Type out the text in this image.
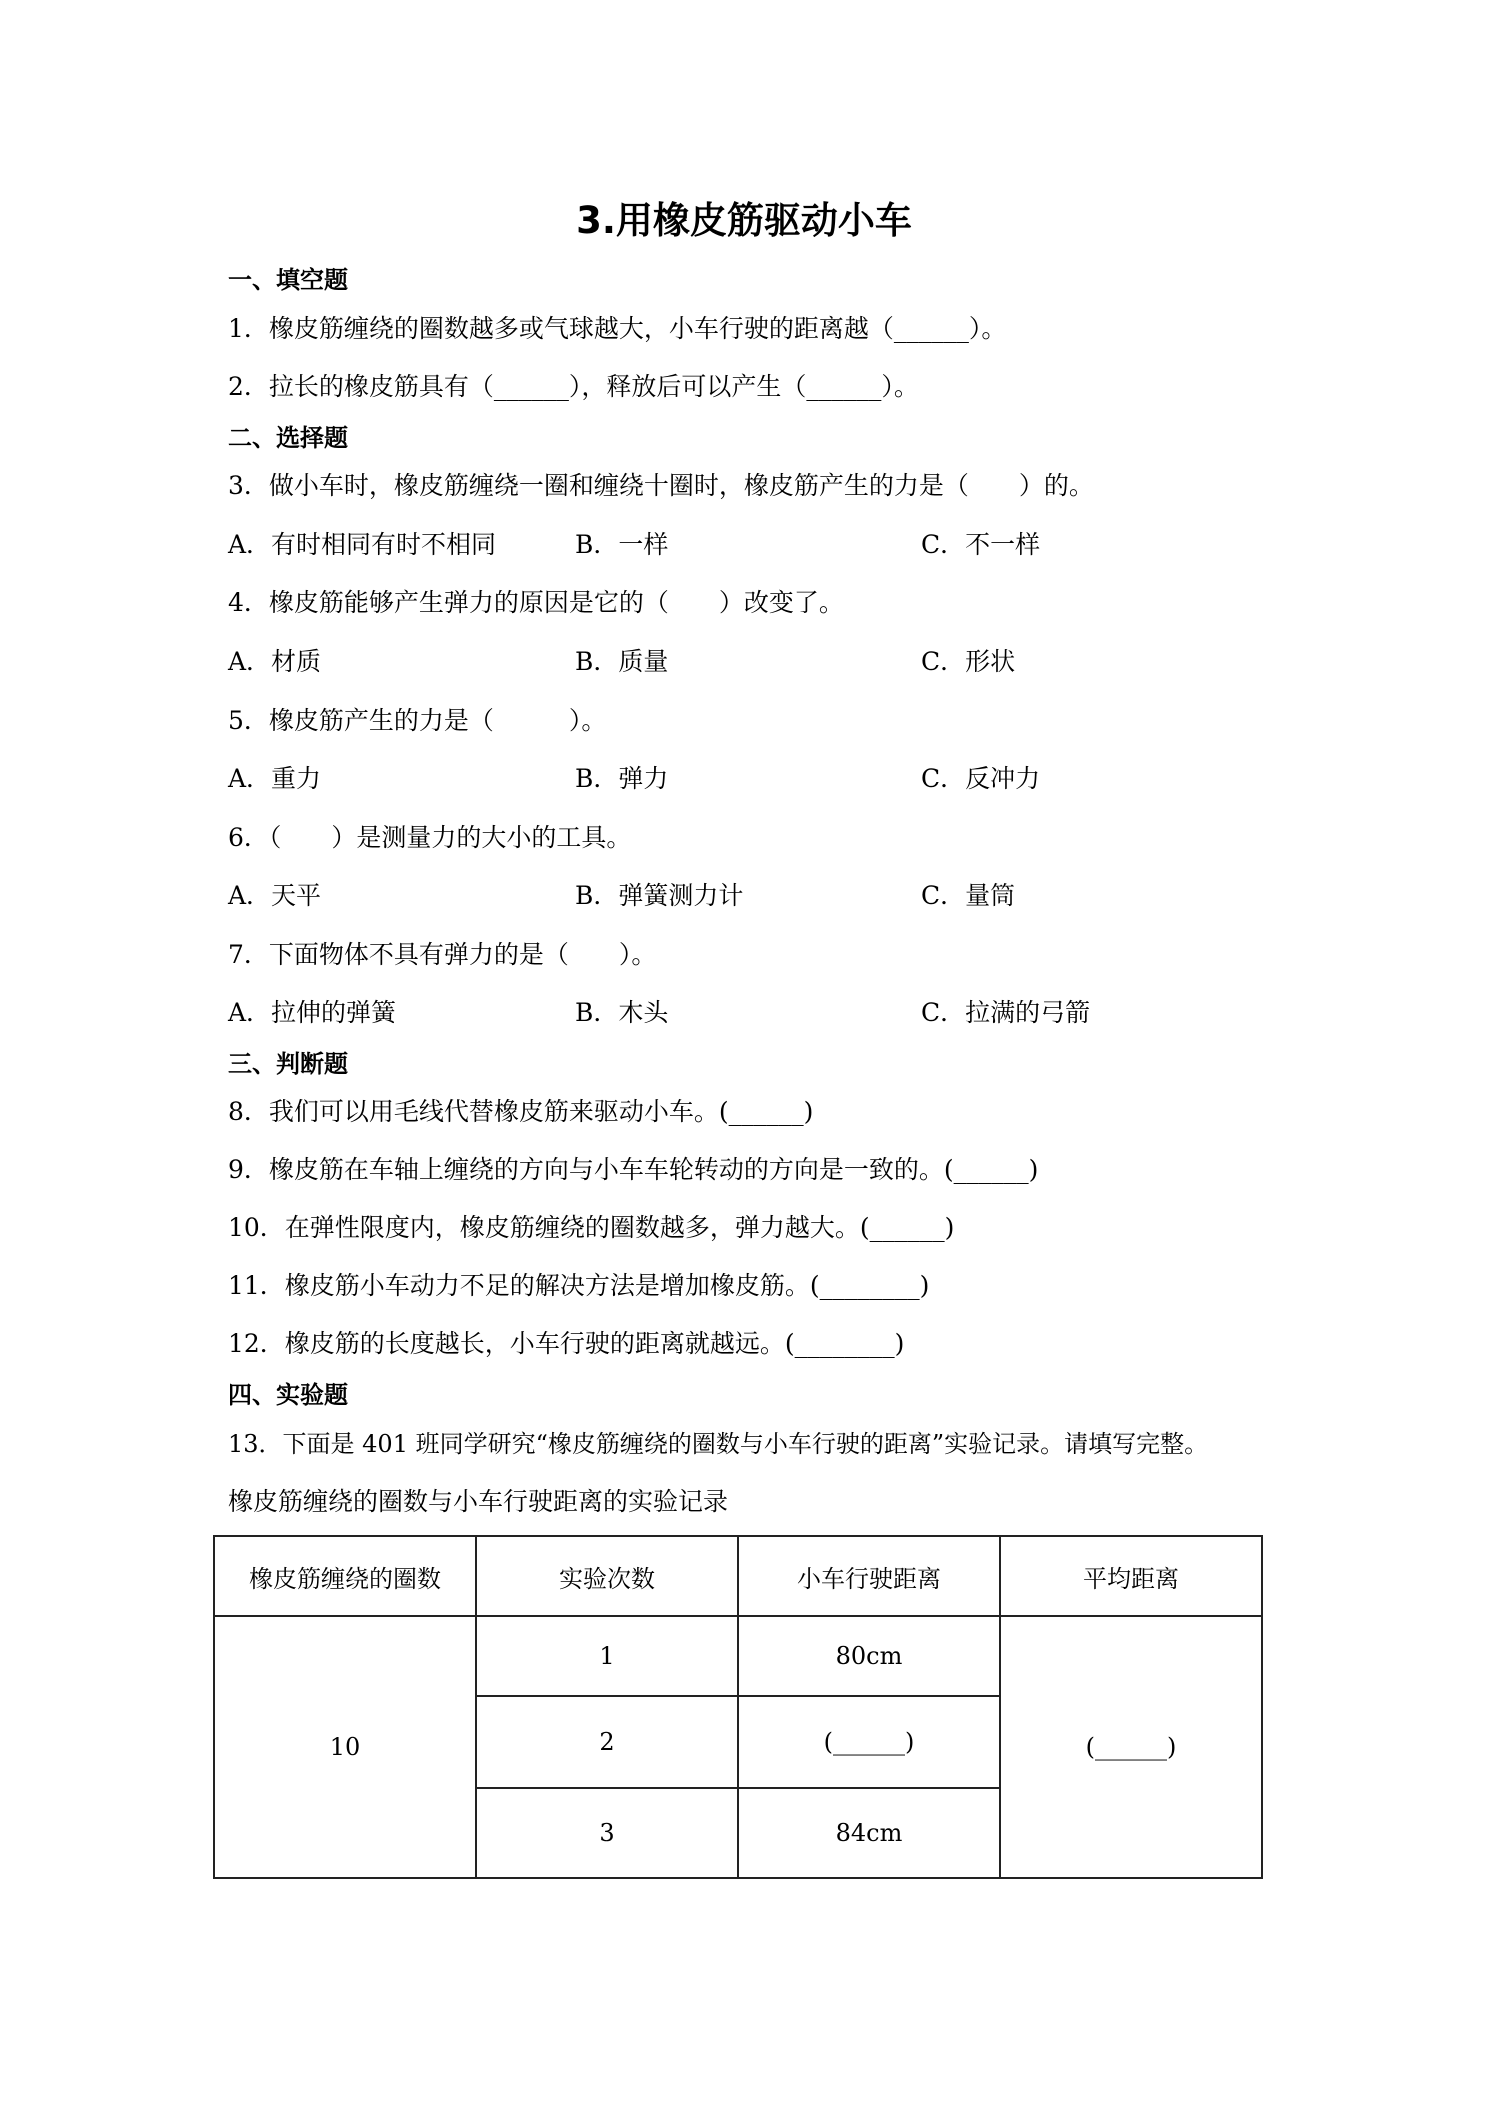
3.用橡皮筋驱动小车
一、填空题
1．橡皮筋缠绕的圈数越多或气球越大，小车行驶的距离越（______）。
2．拉长的橡皮筋具有（______），释放后可以产生（______）。
二、选择题
3．做小车时，橡皮筋缠绕一圈和缠绕十圈时，橡皮筋产生的力是（　　）的。
A．有时相同有时不相同	B．一样	C．不一样
4．橡皮筋能够产生弹力的原因是它的（　　）改变了。
A．材质	B．质量	C．形状
5．橡皮筋产生的力是（　　　）。
A．重力	B．弹力	C．反冲力
6．（　　）是测量力的大小的工具。
A．天平	B．弹簧测力计	C．量筒
7．下面物体不具有弹力的是（　　）。
A．拉伸的弹簧	B．木头	C．拉满的弓箭
三、判断题
8．我们可以用毛线代替橡皮筋来驱动小车。(______)
9．橡皮筋在车轴上缠绕的方向与小车车轮转动的方向是一致的。(______)
10．在弹性限度内，橡皮筋缠绕的圈数越多，弹力越大。(______)
11．橡皮筋小车动力不足的解决方法是增加橡皮筋。(________)
12．橡皮筋的长度越长，小车行驶的距离就越远。(________)
四、实验题
13．下面是 401 班同学研究“橡皮筋缠绕的圈数与小车行驶的距离”实验记录。请填写完整。
橡皮筋缠绕的圈数与小车行驶距离的实验记录
橡皮筋缠绕的圈数	实验次数	小车行驶距离	平均距离
10	1	80cm	(______)
	2	(______)	
	3	84cm	
